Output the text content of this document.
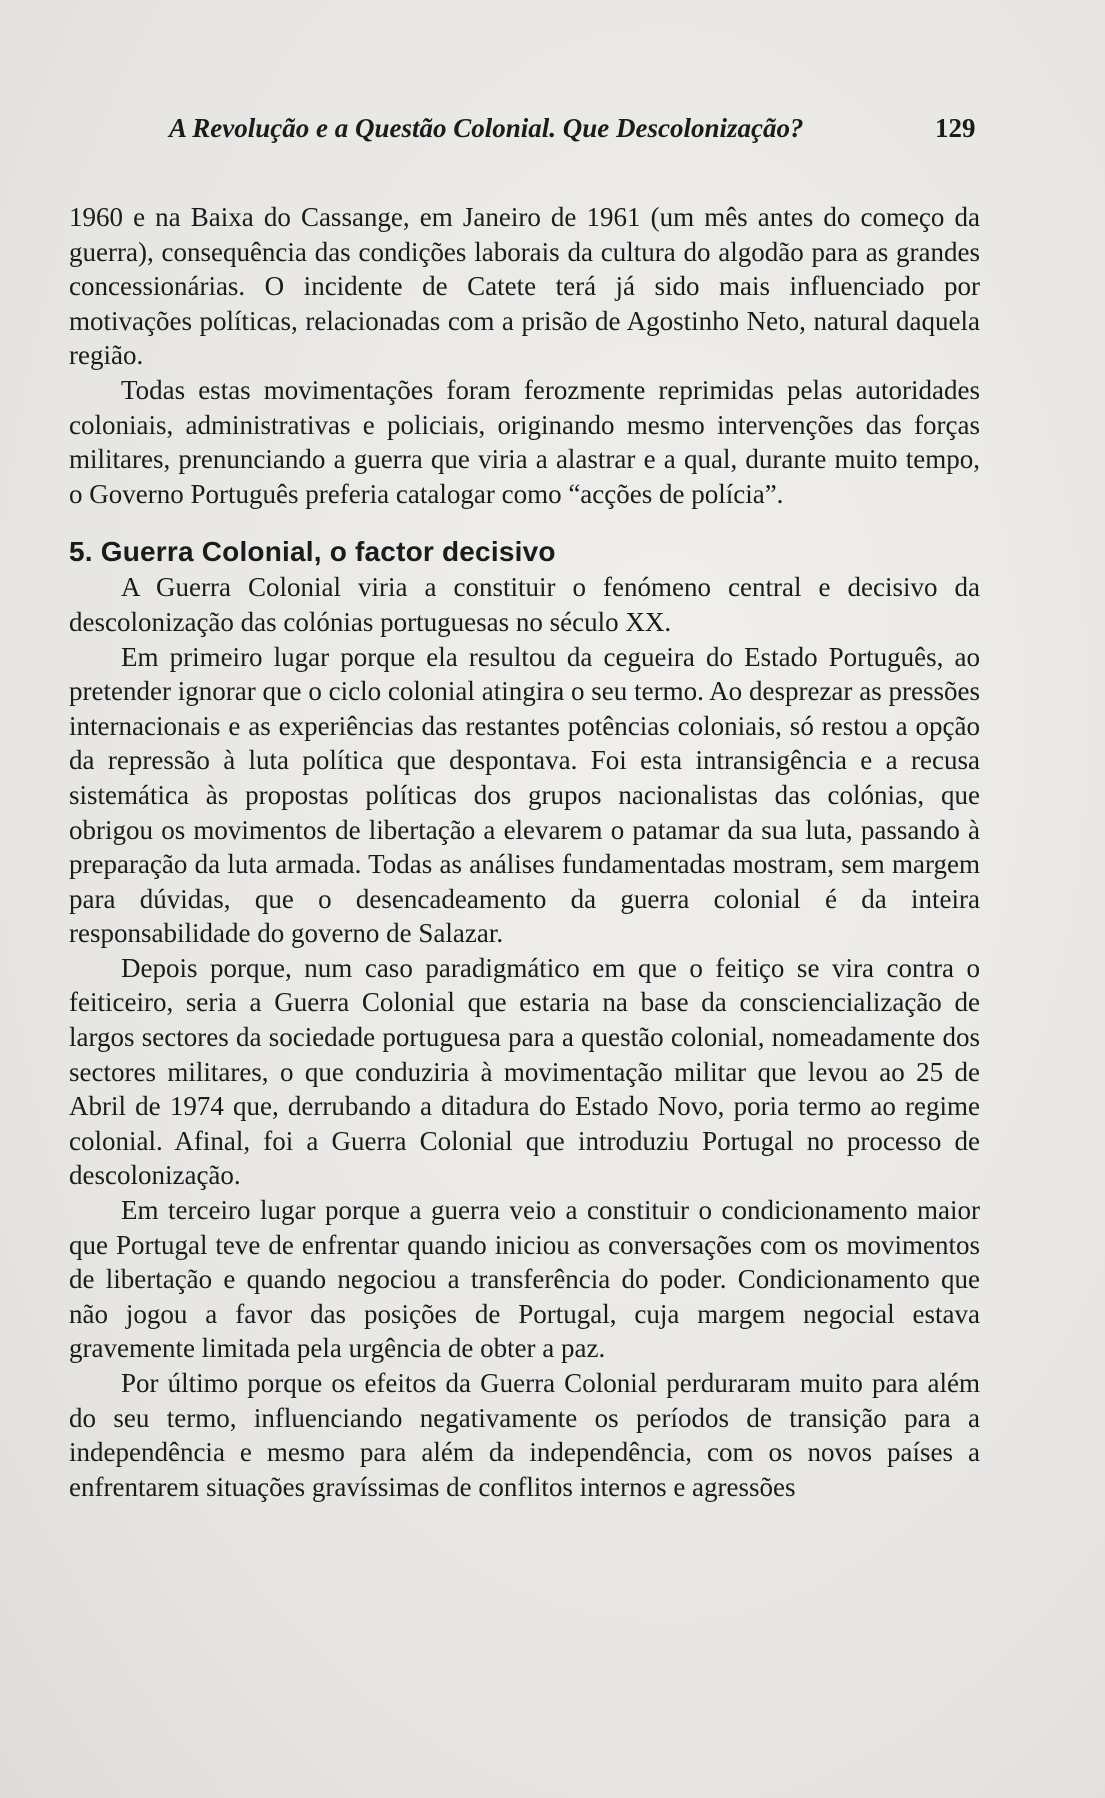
A Revolução e a Questão Colonial. Que Descolonização?	129

1960 e na Baixa do Cassange, em Janeiro de 1961 (um mês antes do começo da guerra), consequência das condições laborais da cultura do algodão para as grandes concessionárias. O incidente de Catete terá já sido mais influenciado por motivações políticas, relacionadas com a prisão de Agostinho Neto, natural daquela região.

Todas estas movimentações foram ferozmente reprimidas pelas autoridades coloniais, administrativas e policiais, originando mesmo intervenções das forças militares, prenunciando a guerra que viria a alastrar e a qual, durante muito tempo, o Governo Português preferia catalogar como “acções de polícia”.

5. Guerra Colonial, o factor decisivo

A Guerra Colonial viria a constituir o fenómeno central e decisivo da descolonização das colónias portuguesas no século XX.

Em primeiro lugar porque ela resultou da cegueira do Estado Português, ao pretender ignorar que o ciclo colonial atingira o seu termo. Ao desprezar as pressões internacionais e as experiências das restantes potências coloniais, só restou a opção da repressão à luta política que despontava. Foi esta intransigência e a recusa sistemática às propostas políticas dos grupos nacionalistas das colónias, que obrigou os movimentos de libertação a elevarem o patamar da sua luta, passando à preparação da luta armada. Todas as análises fundamentadas mostram, sem margem para dúvidas, que o desencadeamento da guerra colonial é da inteira responsabilidade do governo de Salazar.

Depois porque, num caso paradigmático em que o feitiço se vira contra o feiticeiro, seria a Guerra Colonial que estaria na base da consciencialização de largos sectores da sociedade portuguesa para a questão colonial, nomeadamente dos sectores militares, o que conduziria à movimentação militar que levou ao 25 de Abril de 1974 que, derrubando a ditadura do Estado Novo, poria termo ao regime colonial. Afinal, foi a Guerra Colonial que introduziu Portugal no processo de descolonização.

Em terceiro lugar porque a guerra veio a constituir o condicionamento maior que Portugal teve de enfrentar quando iniciou as conversações com os movimentos de libertação e quando negociou a transferência do poder. Condicionamento que não jogou a favor das posições de Portugal, cuja margem negocial estava gravemente limitada pela urgência de obter a paz.

Por último porque os efeitos da Guerra Colonial perduraram muito para além do seu termo, influenciando negativamente os períodos de transição para a independência e mesmo para além da independência, com os novos países a enfrentarem situações gravíssimas de conflitos internos e agressões
